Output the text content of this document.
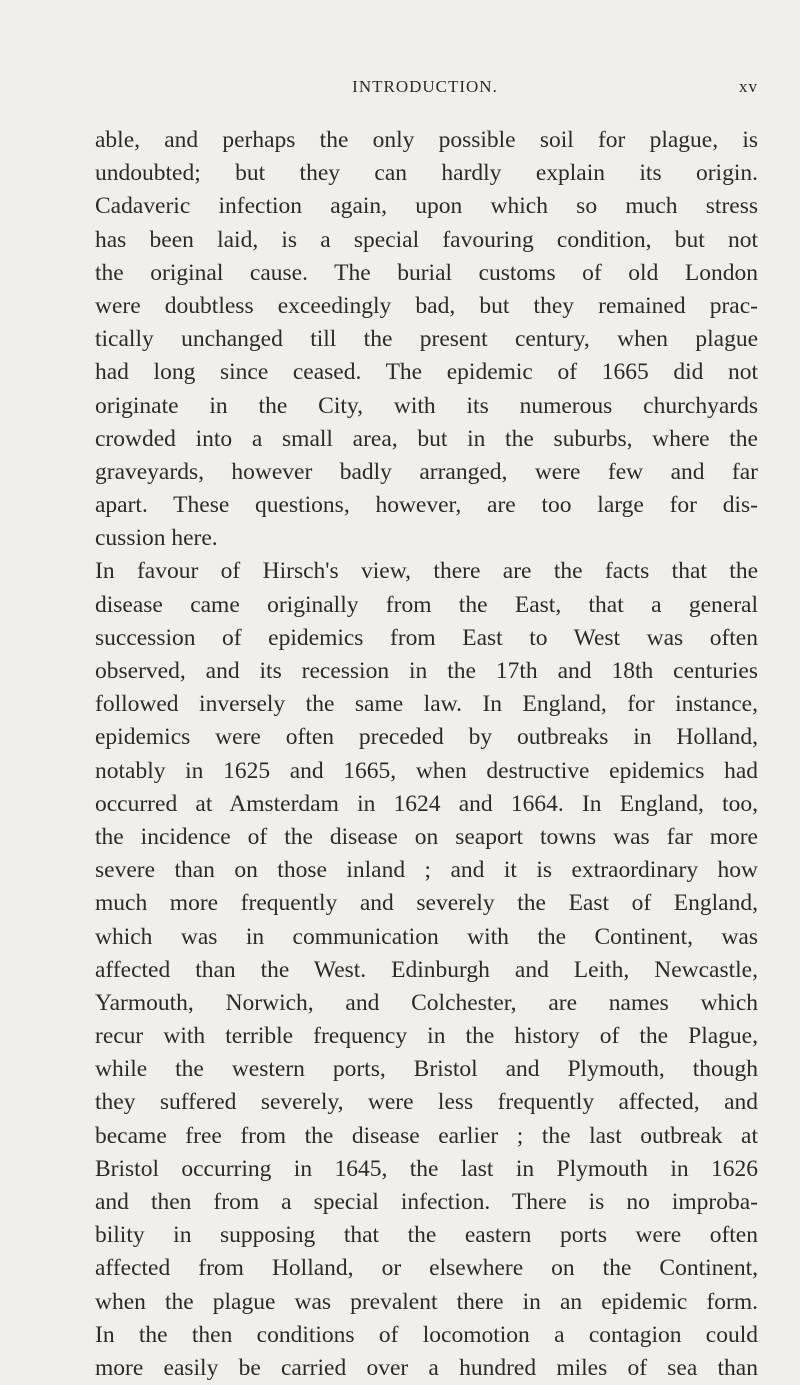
INTRODUCTION.	xv
able, and perhaps the only possible soil for plague, is
undoubted; but they can hardly explain its origin.
Cadaveric infection again, upon which so much stress
has been laid, is a special favouring condition, but not
the original cause. The burial customs of old London
were doubtless exceedingly bad, but they remained prac-
tically unchanged till the present century, when plague
had long since ceased. The epidemic of 1665 did not
originate in the City, with its numerous churchyards
crowded into a small area, but in the suburbs, where the
graveyards, however badly arranged, were few and far
apart. These questions, however, are too large for dis-
cussion here.
In favour of Hirsch's view, there are the facts that the
disease came originally from the East, that a general
succession of epidemics from East to West was often
observed, and its recession in the 17th and 18th centuries
followed inversely the same law. In England, for instance,
epidemics were often preceded by outbreaks in Holland,
notably in 1625 and 1665, when destructive epidemics had
occurred at Amsterdam in 1624 and 1664. In England, too,
the incidence of the disease on seaport towns was far more
severe than on those inland ; and it is extraordinary how
much more frequently and severely the East of England,
which was in communication with the Continent, was
affected than the West. Edinburgh and Leith, Newcastle,
Yarmouth, Norwich, and Colchester, are names which
recur with terrible frequency in the history of the Plague,
while the western ports, Bristol and Plymouth, though
they suffered severely, were less frequently affected, and
became free from the disease earlier ; the last outbreak at
Bristol occurring in 1645, the last in Plymouth in 1626
and then from a special infection. There is no improba-
bility in supposing that the eastern ports were often
affected from Holland, or elsewhere on the Continent,
when the plague was prevalent there in an epidemic form.
In the then conditions of locomotion a contagion could
more easily be carried over a hundred miles of sea than
